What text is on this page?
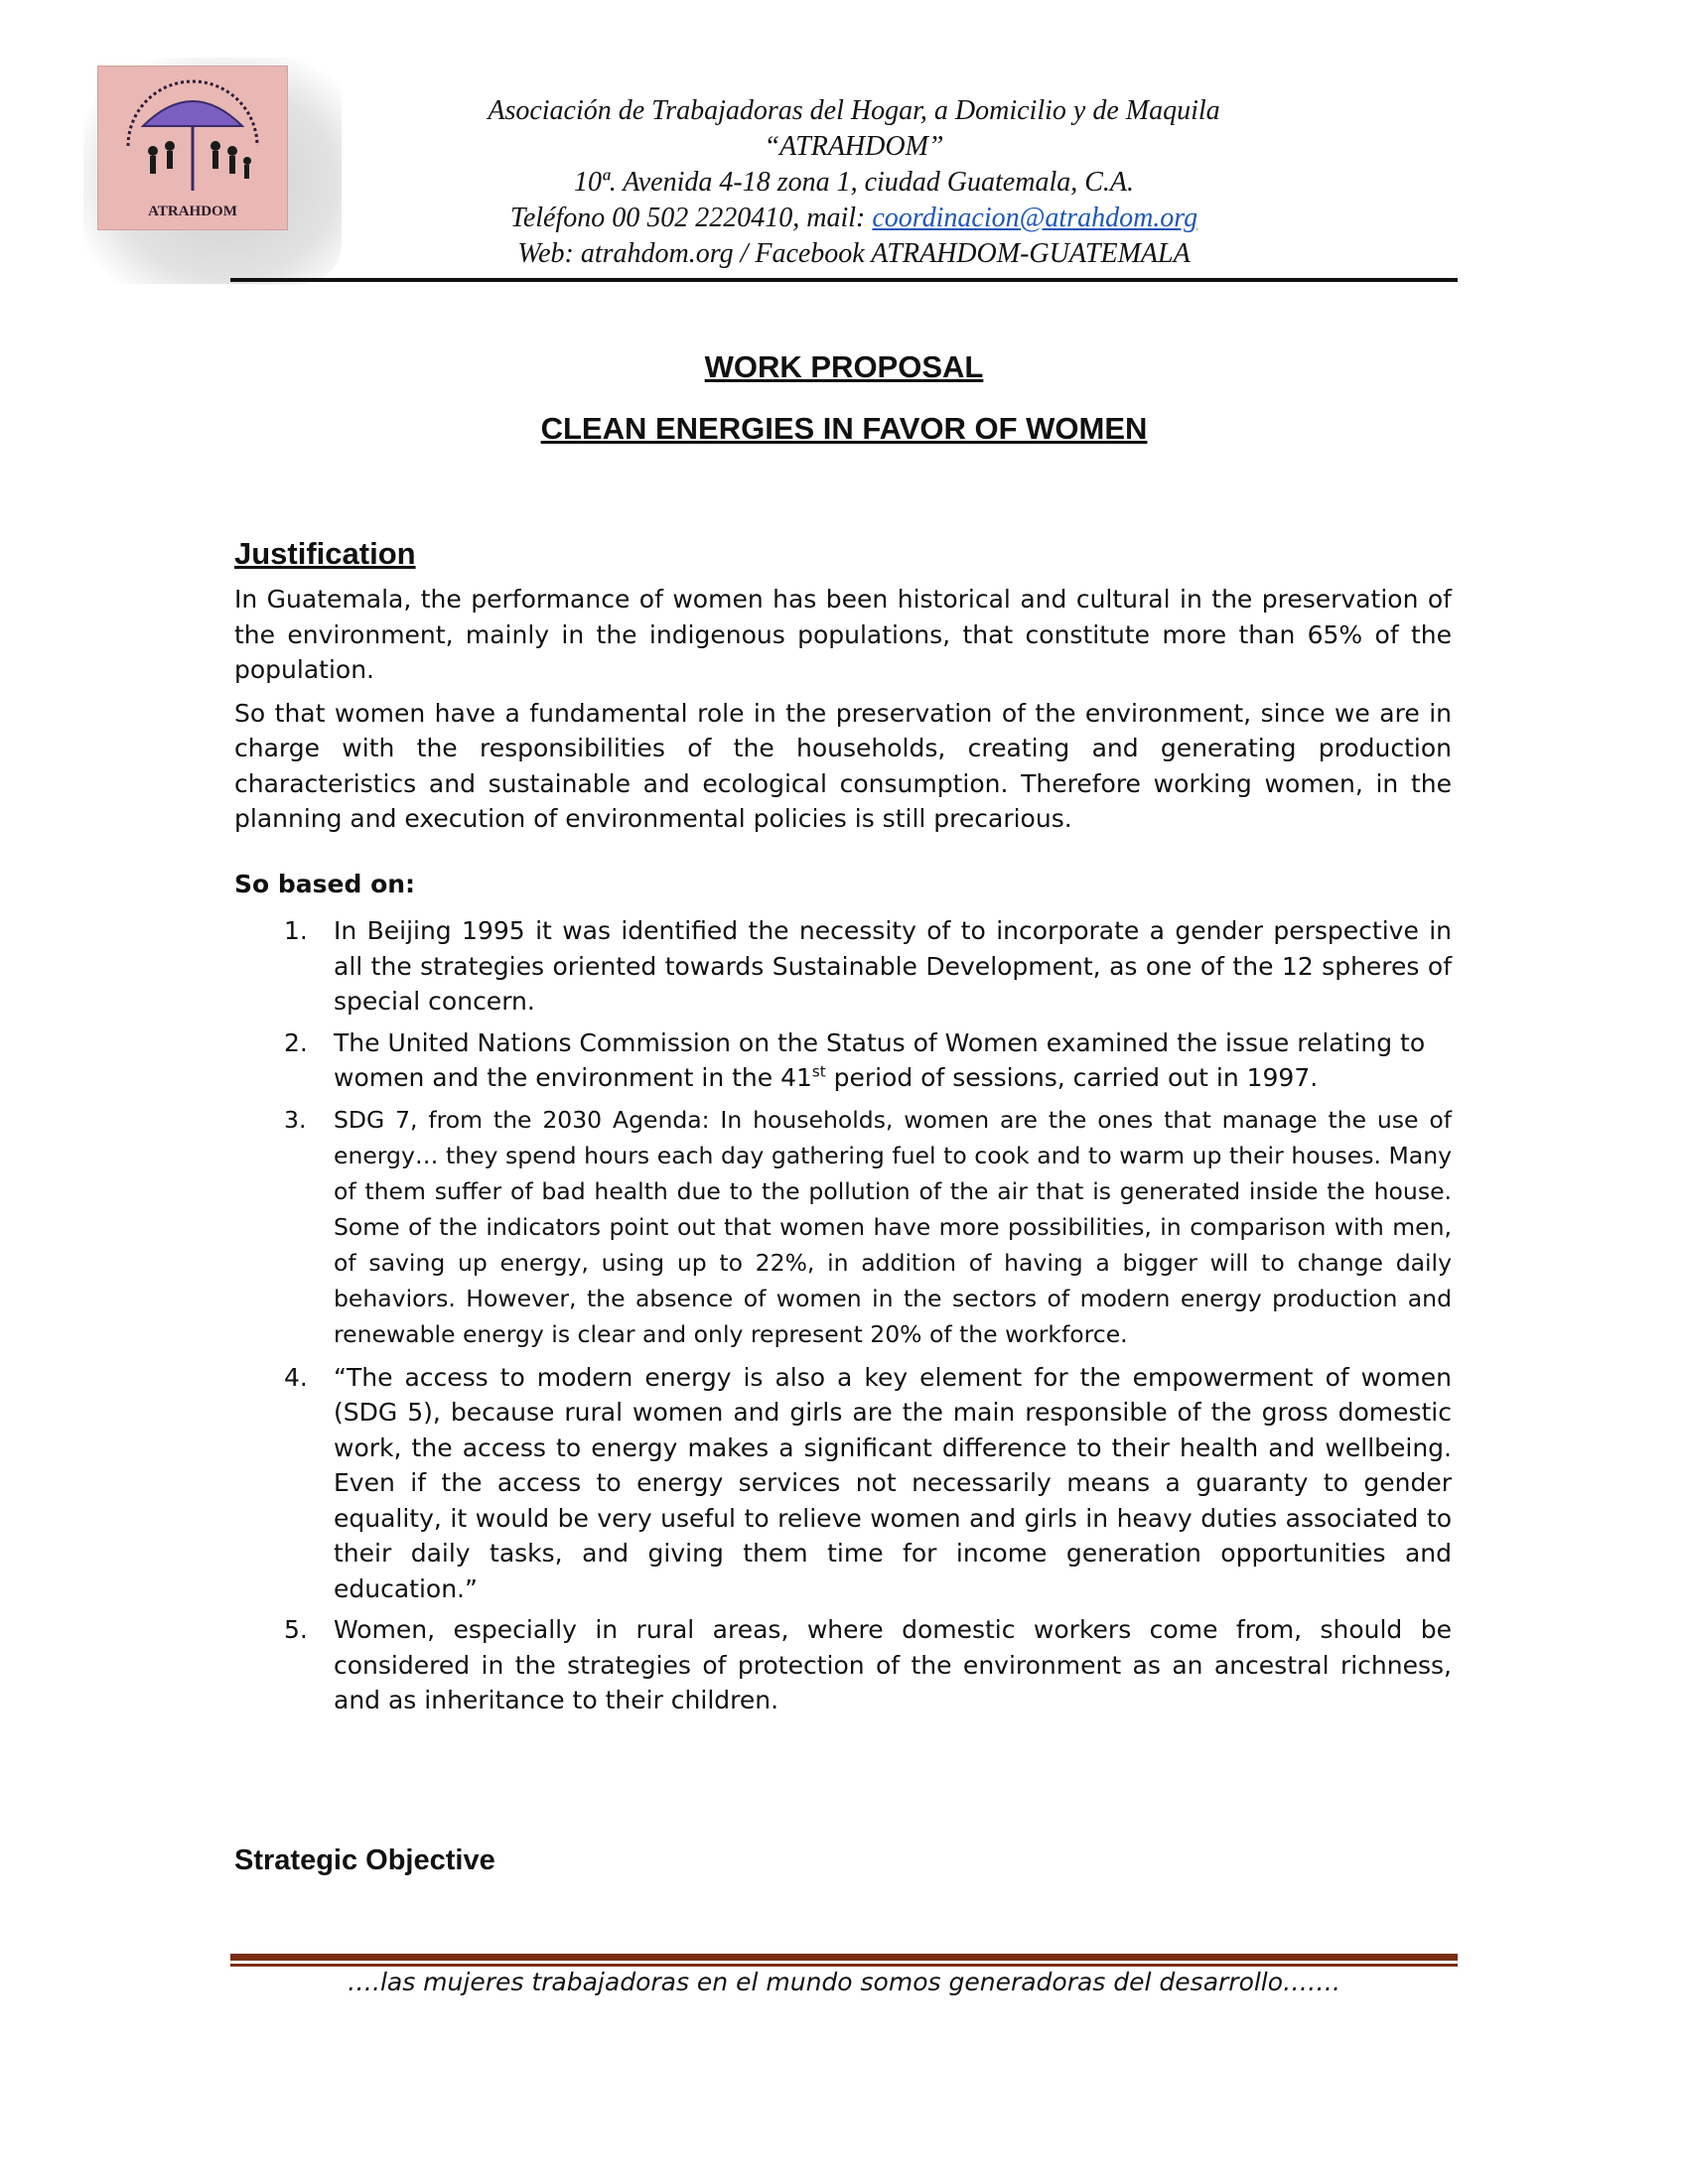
ATRAHDOM
Asociación de Trabajadoras del Hogar, a Domicilio y de Maquila
“ATRAHDOM”
10ª. Avenida 4-18 zona 1, ciudad Guatemala, C.A.
Teléfono 00 502 2220410, mail: coordinacion@atrahdom.org
Web: atrahdom.org / Facebook ATRAHDOM-GUATEMALA
WORK PROPOSAL
CLEAN ENERGIES IN FAVOR OF WOMEN
Justification

In Guatemala, the performance of women has been historical and cultural in the preservation of the environment, mainly in the indigenous populations, that constitute more than 65% of the population.

So that women have a fundamental role in the preservation of the environment, since we are in charge with the responsibilities of the households, creating and generating production characteristics and sustainable and ecological consumption. Therefore working women, in the planning and execution of environmental policies is still precarious.

So based on:
1. In Beijing 1995 it was identified the necessity of to incorporate a gender perspective in all the strategies oriented towards Sustainable Development, as one of the 12 spheres of special concern.
2. The United Nations Commission on the Status of Women examined the issue relating to women and the environment in the 41st period of sessions, carried out in 1997.
3. SDG 7, from the 2030 Agenda: In households, women are the ones that manage the use of energy… they spend hours each day gathering fuel to cook and to warm up their houses. Many of them suffer of bad health due to the pollution of the air that is generated inside the house. Some of the indicators point out that women have more possibilities, in comparison with men, of saving up energy, using up to 22%, in addition of having a bigger will to change daily behaviors. However, the absence of women in the sectors of modern energy production and renewable energy is clear and only represent 20% of the workforce.
4. “The access to modern energy is also a key element for the empowerment of women (SDG 5), because rural women and girls are the main responsible of the gross domestic work, the access to energy makes a significant difference to their health and wellbeing. Even if the access to energy services not necessarily means a guaranty to gender equality, it would be very useful to relieve women and girls in heavy duties associated to their daily tasks, and giving them time for income generation opportunities and education.”
5. Women, especially in rural areas, where domestic workers come from, should be considered in the strategies of protection of the environment as an ancestral richness, and as inheritance to their children.
Strategic Objective
….las mujeres trabajadoras en el mundo somos generadoras del desarrollo…….
